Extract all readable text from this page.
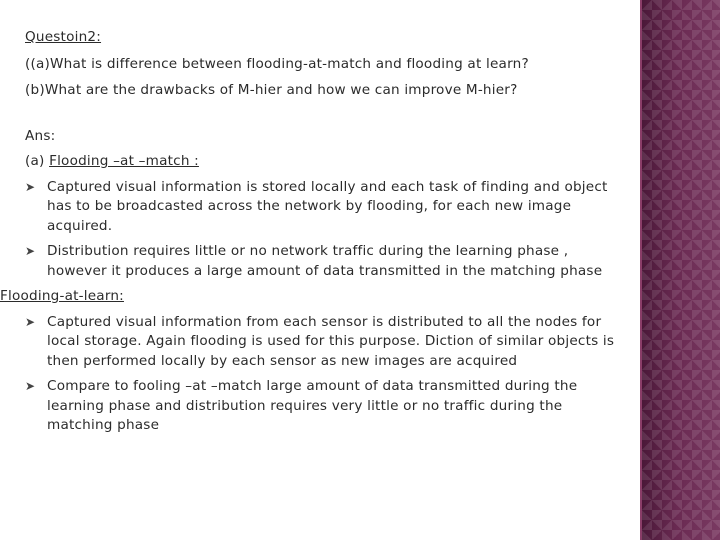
Questoin2:
((a)What is difference between flooding-at-match and flooding at learn?
(b)What are the drawbacks of M-hier and how we can improve M-hier?
Ans:
(a) Flooding –at –match :
➤ Captured visual information is stored locally and each task of finding and object has to be broadcasted across the network by flooding, for each new image acquired.
➤ Distribution requires little or no network traffic during the learning phase , however it produces a large amount of data transmitted in the matching phase
Flooding-at-learn:
➤ Captured visual information from each sensor is distributed to all the nodes for local storage. Again flooding is used for this purpose. Diction of similar objects is then performed locally by each sensor as new images are acquired
➤ Compare to fooling –at –match large amount of data transmitted during the learning phase and distribution requires very little or no traffic during the matching phase
